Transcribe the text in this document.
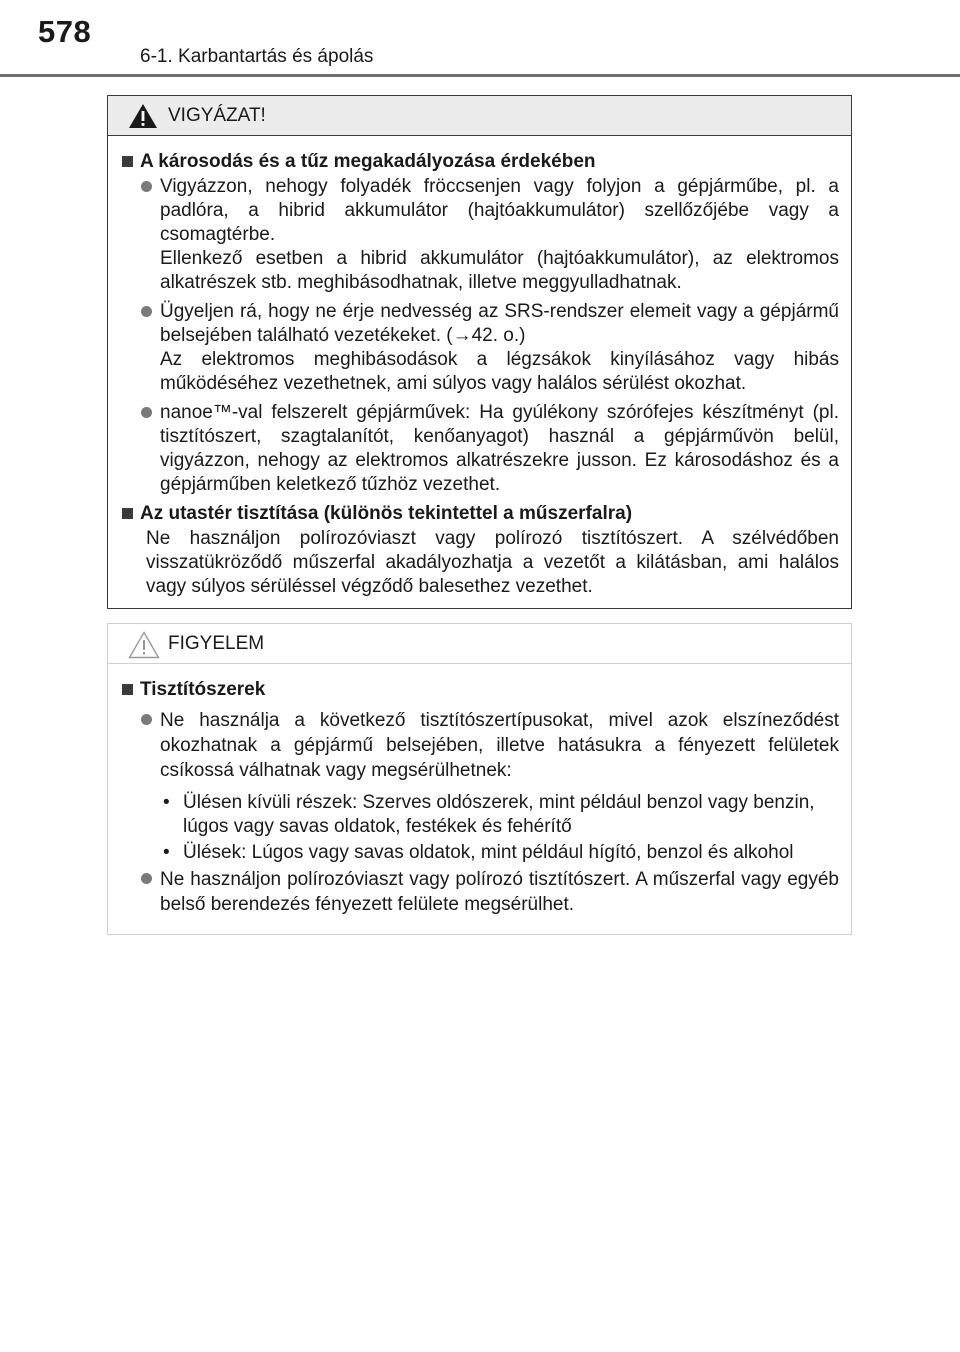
578
6-1. Karbantartás és ápolás
VIGYÁZAT!
A károsodás és a tűz megakadályozása érdekében
Vigyázzon, nehogy folyadék fröccsenjen vagy folyjon a gépjárműbe, pl. a padlóra, a hibrid akkumulátor (hajtóakkumulátor) szellőzőjébe vagy a csomagtérbe.
Ellenkező esetben a hibrid akkumulátor (hajtóakkumulátor), az elektromos alkatrészek stb. meghibásodhatnak, illetve meggyulladhatnak.
Ügyeljen rá, hogy ne érje nedvesség az SRS-rendszer elemeit vagy a gépjármű belsejében található vezetékeket. (→42. o.)
Az elektromos meghibásodások a légzsákok kinyílásához vagy hibás működéséhez vezethetnek, ami súlyos vagy halálos sérülést okozhat.
nanoe™-val felszerelt gépjárművek: Ha gyúlékony szórófejes készítményt (pl. tisztítószert, szagtalanítót, kenőanyagot) használ a gépjárművön belül, vigyázzon, nehogy az elektromos alkatrészekre jusson. Ez károsodáshoz és a gépjárműben keletkező tűzhöz vezethet.
Az utastér tisztítása (különös tekintettel a műszerfalra)
Ne használjon polírozóviaszt vagy polírozó tisztítószert. A szélvédőben visszatükröződő műszerfal akadályozhatja a vezetőt a kilátásban, ami halálos vagy súlyos sérüléssel végződő balesethez vezethet.
FIGYELEM
Tisztítószerek
Ne használja a következő tisztítószertípusokat, mivel azok elszíneződést okozhatnak a gépjármű belsejében, illetve hatásukra a fényezett felületek csíkossá válhatnak vagy megsérülhetnek:
• Ülésen kívüli részek: Szerves oldószerek, mint például benzol vagy benzin, lúgos vagy savas oldatok, festékek és fehérítő
• Ülések: Lúgos vagy savas oldatok, mint például hígító, benzol és alkohol
Ne használjon polírozóviaszt vagy polírozó tisztítószert. A műszerfal vagy egyéb belső berendezés fényezett felülete megsérülhet.
